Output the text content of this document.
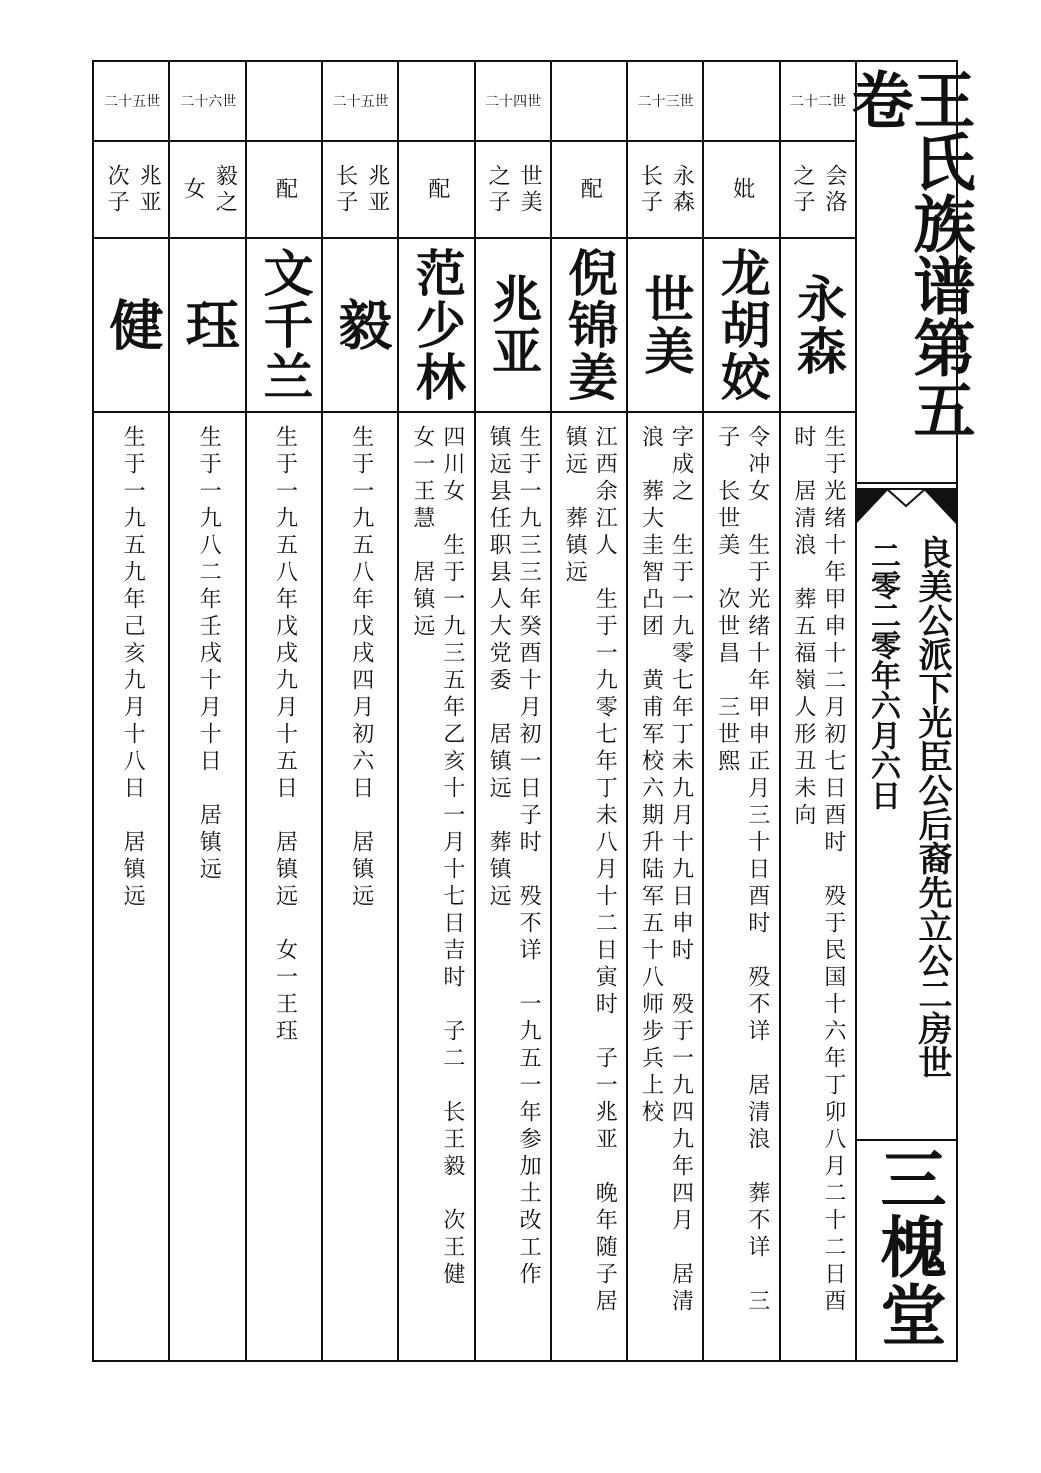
王氏族谱第五卷
良美公派下光臣公后裔先立公二房世
二零二零年六月六日
三槐堂
二十二世
会洛
之子
永森
生于光绪十年甲申十二月初七日酉时　殁于民国十六年丁卯八月二十二日酉
时　居清浪　葬五福嶺人形丑未向
妣
龙胡姣
令冲女　生于光绪十年甲申正月三十日酉时　殁不详　居清浪　葬不详　三
子　长世美　次世昌　三世熙
二十三世
永森
长子
世美
字成之　生于一九零七年丁未九月十九日申时　殁于一九四九年四月　居清
浪　葬大圭智凸团　黄甫军校六期升陆军五十八师步兵上校
配
倪锦姜
江西余江人　生于一九零七年丁未八月十二日寅时　子一兆亚　晚年随子居
镇远　葬镇远
二十四世
世美
之子
兆亚
生于一九三三年癸酉十月初一日子时　殁不详　一九五一年参加土改工作
镇远县任职县人大党委　居镇远　葬镇远
配
范少林
四川女　生于一九三五年乙亥十一月十七日吉时　子二　长王毅　次王健
女一王慧　居镇远
二十五世
兆亚
长子
毅
生于一九五八年戊戌四月初六日　居镇远
配
文千兰
生于一九五八年戊戌九月十五日　居镇远　女一王珏
二十六世
毅之
女
珏
生于一九八二年壬戌十月十日　居镇远
二十五世
兆亚
次子
健
生于一九五九年己亥九月十八日　居镇远
